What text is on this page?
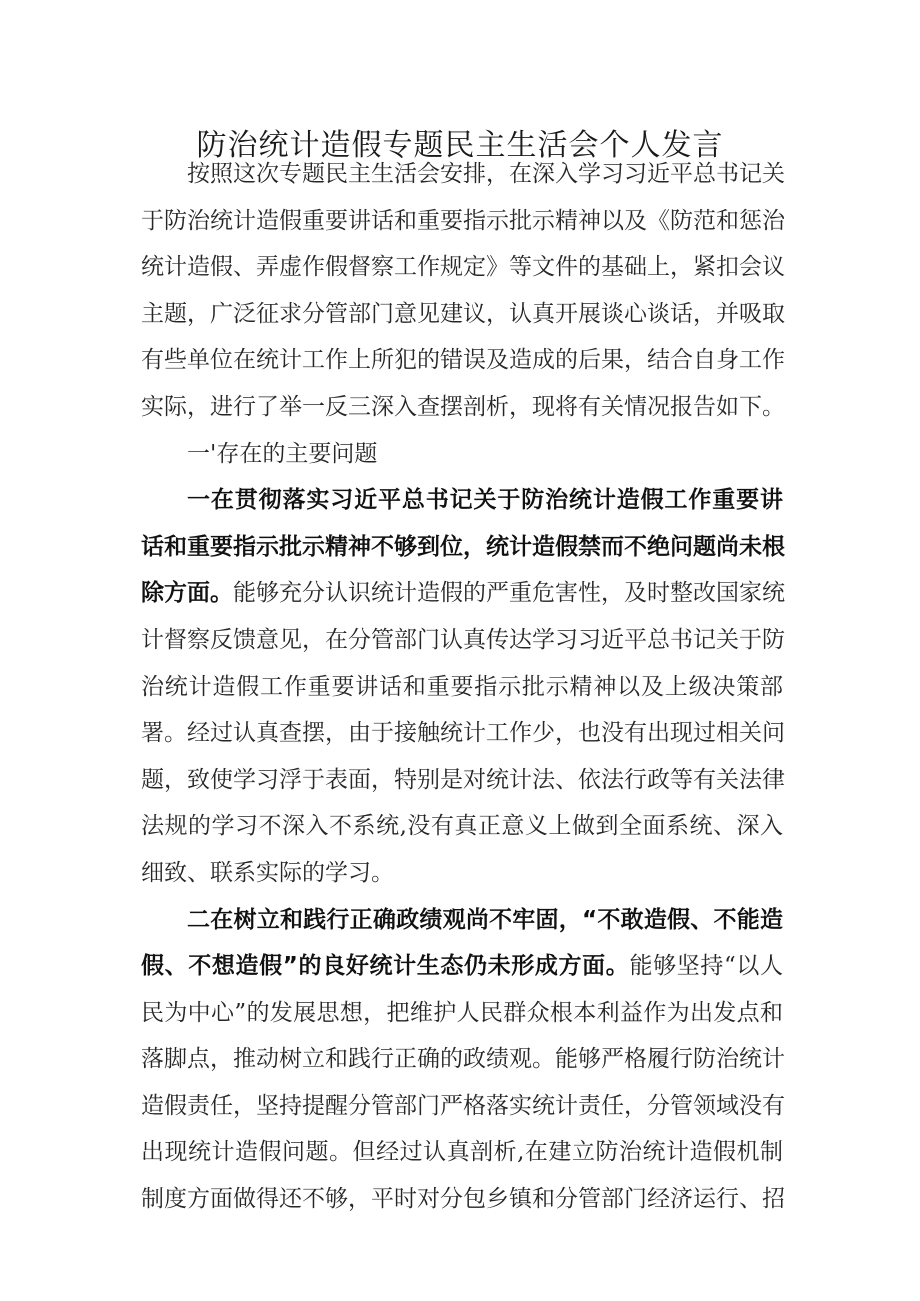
防治统计造假专题民主生活会个人发言
按照这次专题民主生活会安排，在深入学习习近平总书记关
于防治统计造假重要讲话和重要指示批示精神以及《防范和惩治
统计造假、弄虚作假督察工作规定》等文件的基础上，紧扣会议
主题，广泛征求分管部门意见建议，认真开展谈心谈话，并吸取
有些单位在统计工作上所犯的错误及造成的后果，结合自身工作
实际，进行了举一反三深入查摆剖析，现将有关情况报告如下。
一'存在的主要问题
一在贯彻落实习近平总书记关于防治统计造假工作重要讲
话和重要指示批示精神不够到位，统计造假禁而不绝问题尚未根
除方面。能够充分认识统计造假的严重危害性，及时整改国家统
计督察反馈意见，在分管部门认真传达学习习近平总书记关于防
治统计造假工作重要讲话和重要指示批示精神以及上级决策部
署。经过认真查摆，由于接触统计工作少，也没有出现过相关问
题，致使学习浮于表面，特别是对统计法、依法行政等有关法律
法规的学习不深入不系统,没有真正意义上做到全面系统、深入
细致、联系实际的学习。
二在树立和践行正确政绩观尚不牢固，“不敢造假、不能造
假、不想造假”的良好统计生态仍未形成方面。能够坚持“以人
民为中心”的发展思想，把维护人民群众根本利益作为出发点和
落脚点，推动树立和践行正确的政绩观。能够严格履行防治统计
造假责任，坚持提醒分管部门严格落实统计责任，分管领域没有
出现统计造假问题。但经过认真剖析,在建立防治统计造假机制
制度方面做得还不够，平时对分包乡镇和分管部门经济运行、招
